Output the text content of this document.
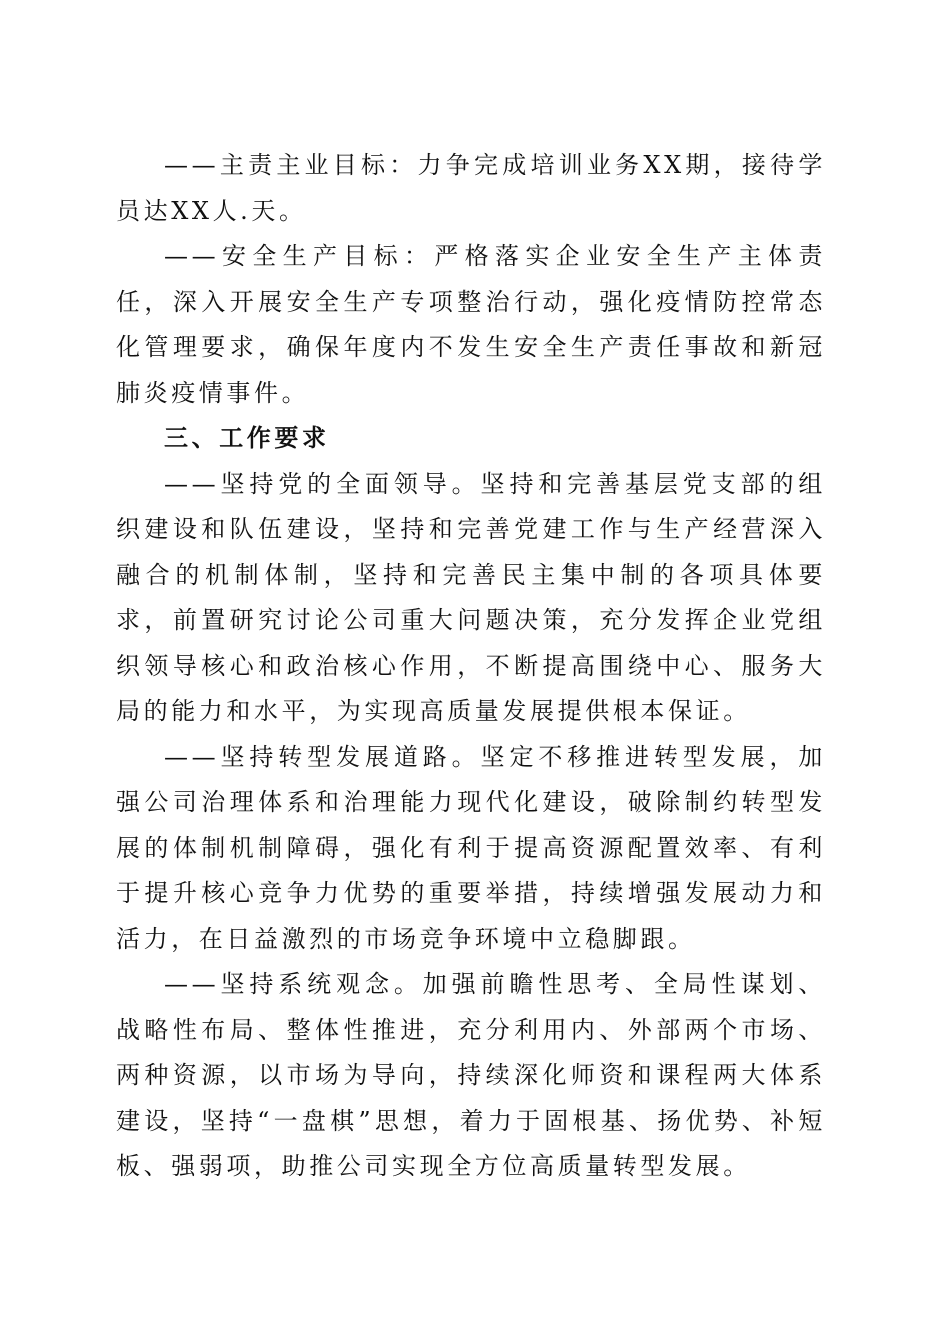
——主责主业目标：力争完成培训业务XX期，接待学员达XX人.天。

——安全生产目标：严格落实企业安全生产主体责任，深入开展安全生产专项整治行动，强化疫情防控常态化管理要求，确保年度内不发生安全生产责任事故和新冠肺炎疫情事件。

三、工作要求

——坚持党的全面领导。坚持和完善基层党支部的组织建设和队伍建设，坚持和完善党建工作与生产经营深入融合的机制体制，坚持和完善民主集中制的各项具体要求，前置研究讨论公司重大问题决策，充分发挥企业党组织领导核心和政治核心作用，不断提高围绕中心、服务大局的能力和水平，为实现高质量发展提供根本保证。

——坚持转型发展道路。坚定不移推进转型发展，加强公司治理体系和治理能力现代化建设，破除制约转型发展的体制机制障碍，强化有利于提高资源配置效率、有利于提升核心竞争力优势的重要举措，持续增强发展动力和活力，在日益激烈的市场竞争环境中立稳脚跟。

——坚持系统观念。加强前瞻性思考、全局性谋划、战略性布局、整体性推进，充分利用内、外部两个市场、两种资源，以市场为导向，持续深化师资和课程两大体系建设，坚持“一盘棋”思想，着力于固根基、扬优势、补短板、强弱项，助推公司实现全方位高质量转型发展。
